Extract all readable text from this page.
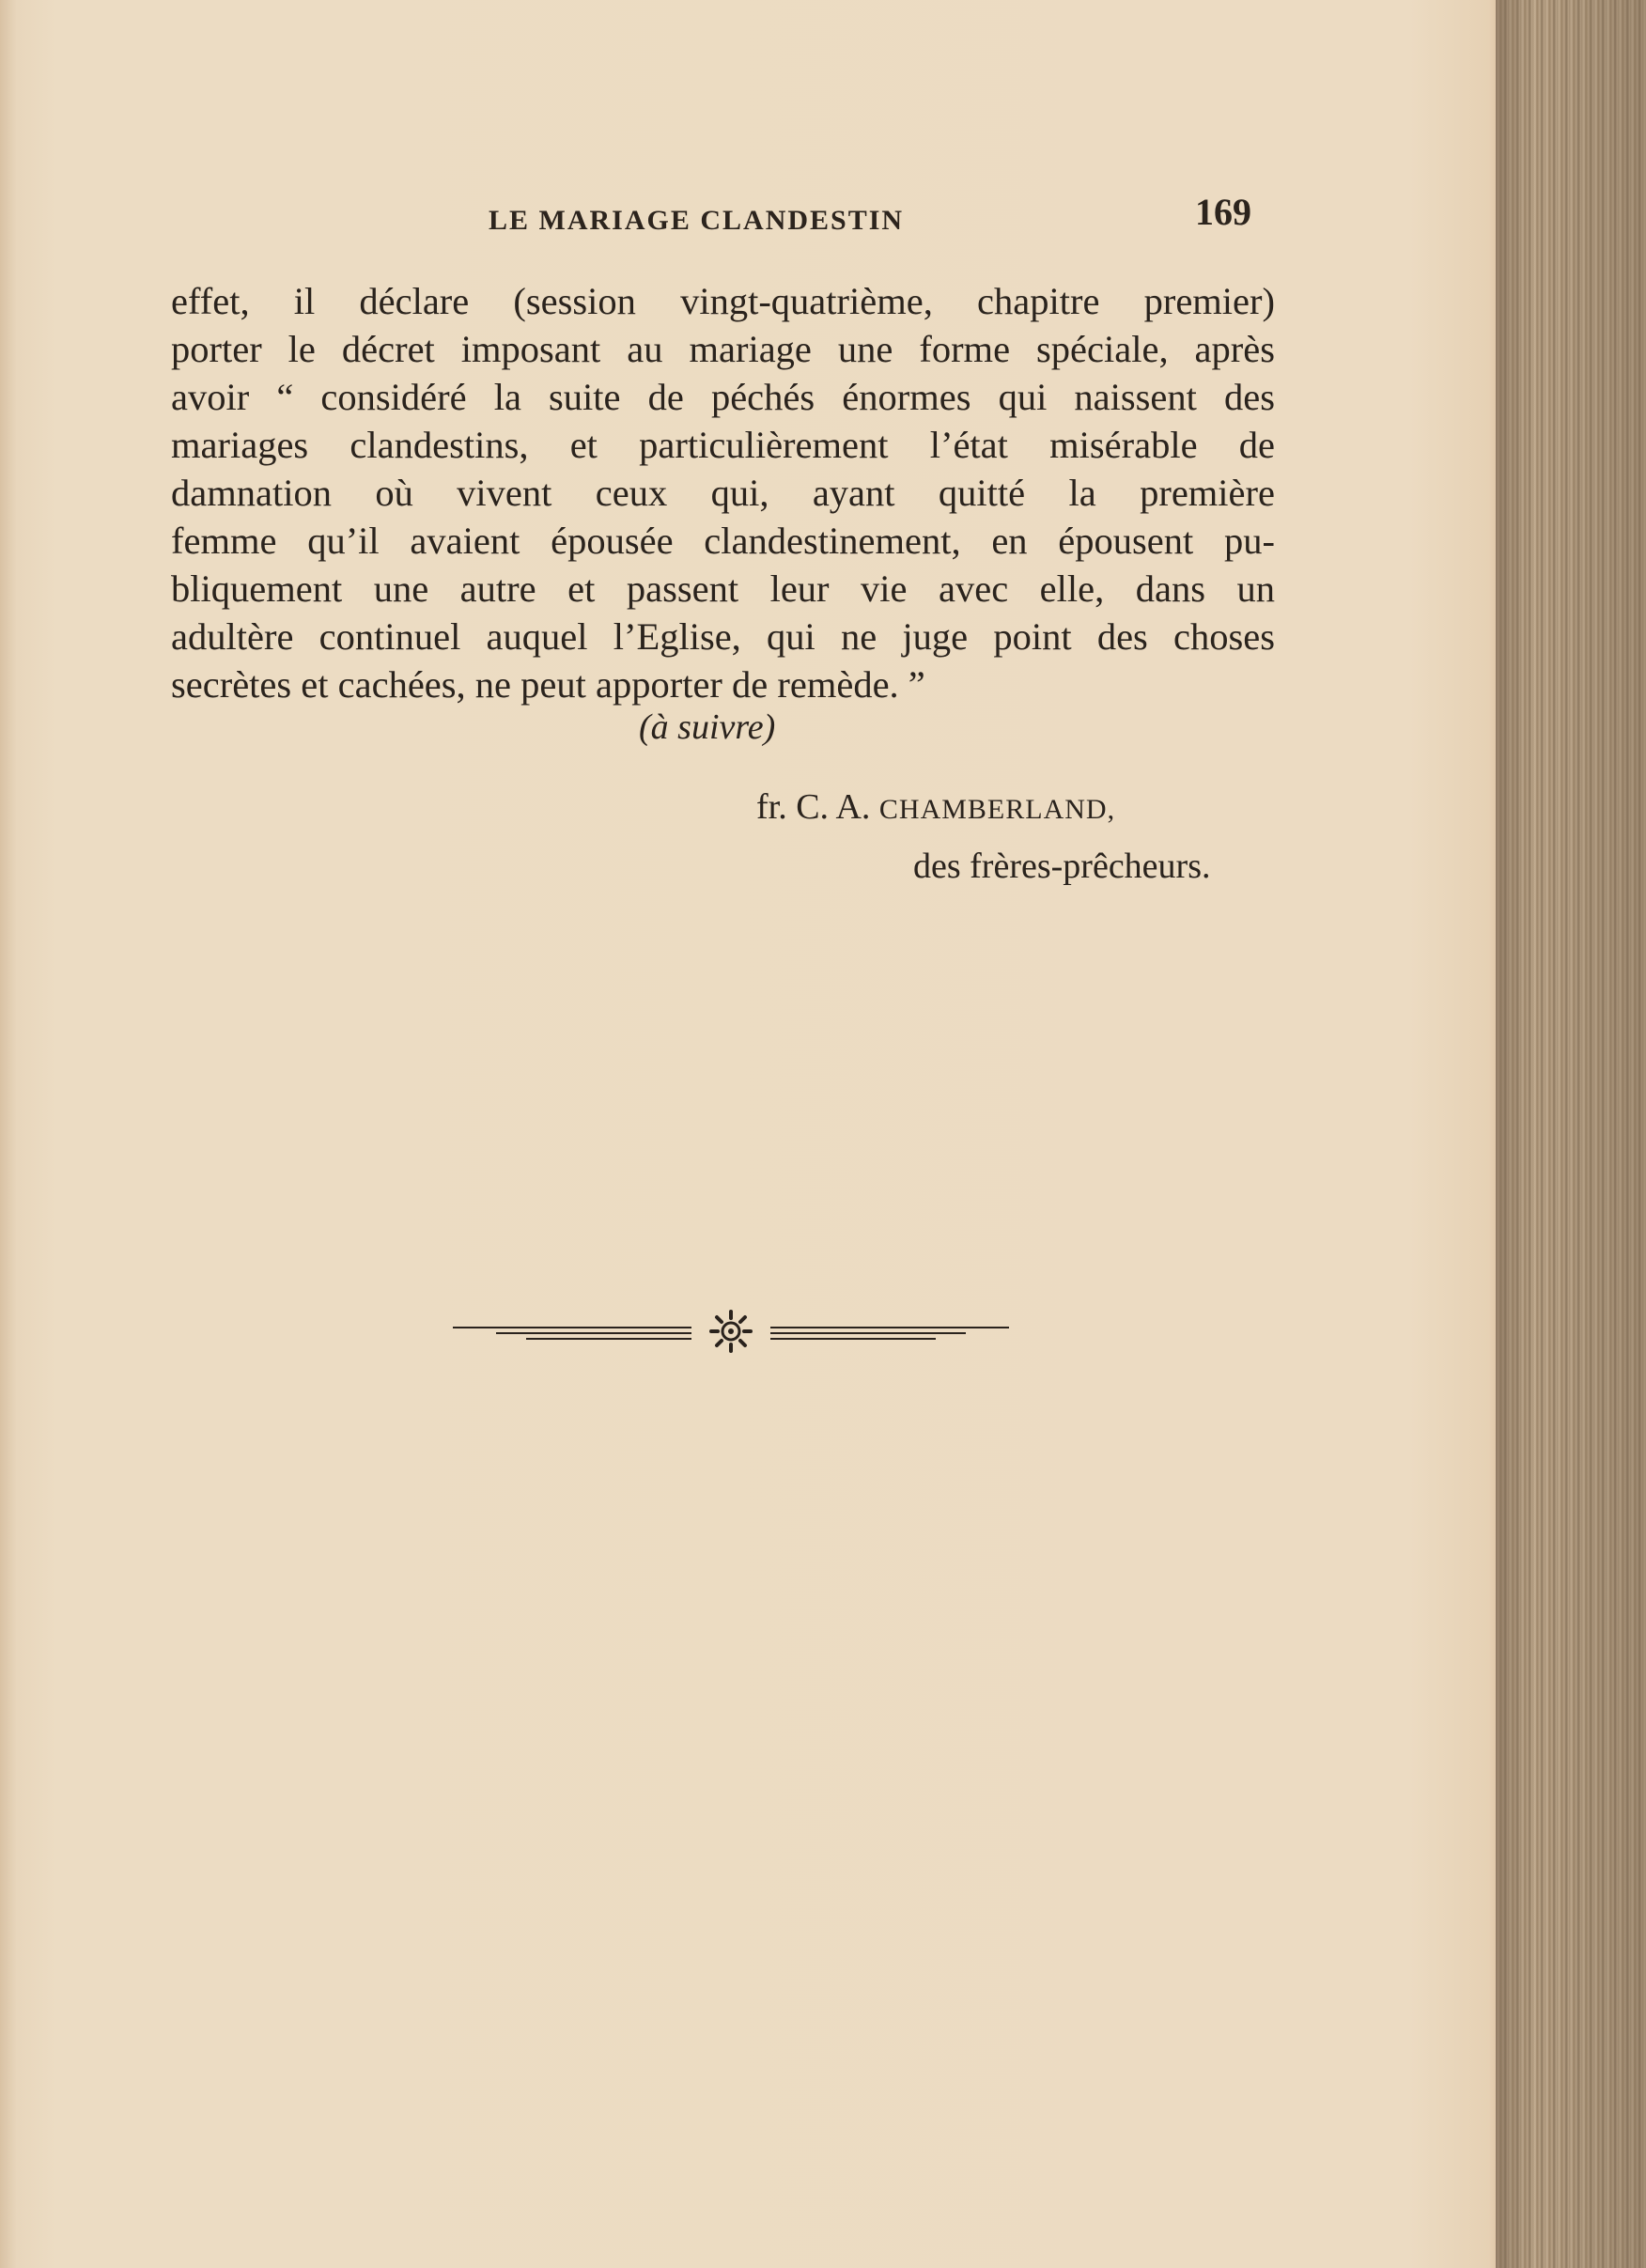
LE MARIAGE CLANDESTIN	169
effet, il déclare (session vingt-quatrième, chapitre premier)
porter le décret imposant au mariage une forme spéciale, après
avoir “ considéré la suite de péchés énormes qui naissent des
mariages clandestins, et particulièrement l’état misérable de
damnation où vivent ceux qui, ayant quitté la première
femme qu’il avaient épousée clandestinement, en épousent pu-
bliquement une autre et passent leur vie avec elle, dans un
adultère continuel auquel l’Eglise, qui ne juge point des choses
secrètes et cachées, ne peut apporter de remède. ”
(à suivre)
fr. C. A. CHAMBERLAND,
des frères-prêcheurs.
